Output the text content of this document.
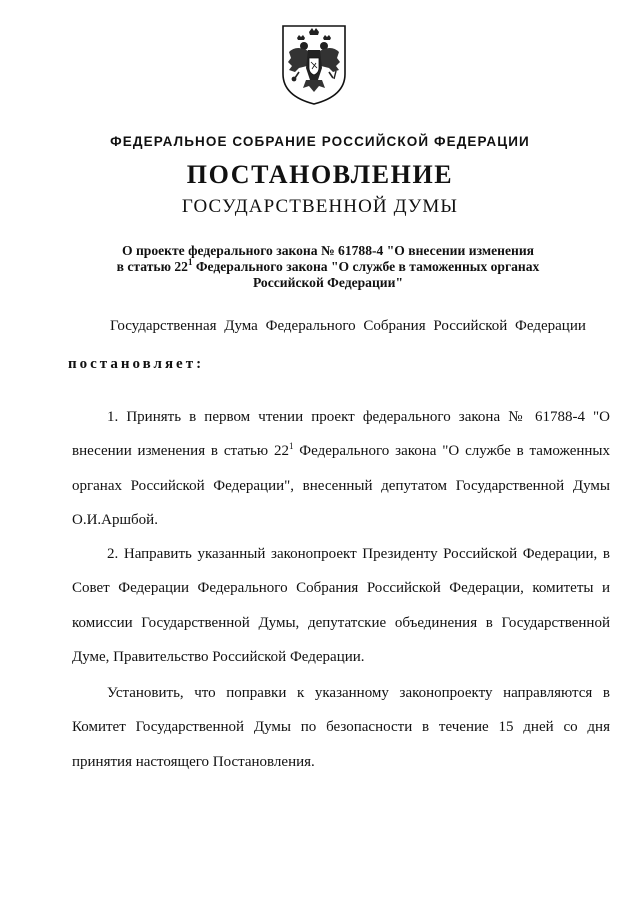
ФЕДЕРАЛЬНОЕ СОБРАНИЕ РОССИЙСКОЙ ФЕДЕРАЦИИ
ПОСТАНОВЛЕНИЕ
ГОСУДАРСТВЕННОЙ ДУМЫ
О проекте федерального закона № 61788-4 "О внесении изменения
в статью $22^1$ Федерального закона "О службе в таможенных органах
Российской Федерации"
Государственная Дума Федерального Собрания Российской Федерации
постановляет:
1. Принять в первом чтении проект федерального закона № 61788-4 "О внесении изменения в статью $22^1$ Федерального закона "О службе в таможенных органах Российской Федерации", внесенный депутатом Государственной Думы О.И.Аршбой.
2. Направить указанный законопроект Президенту Российской Федерации, в Совет Федерации Федерального Собрания Российской Федерации, комитеты и комиссии Государственной Думы, депутатские объединения в Государственной Думе, Правительство Российской Федерации.
Установить, что поправки к указанному законопроекту направляются в Комитет Государственной Думы по безопасности в течение 15 дней со дня принятия настоящего Постановления.
